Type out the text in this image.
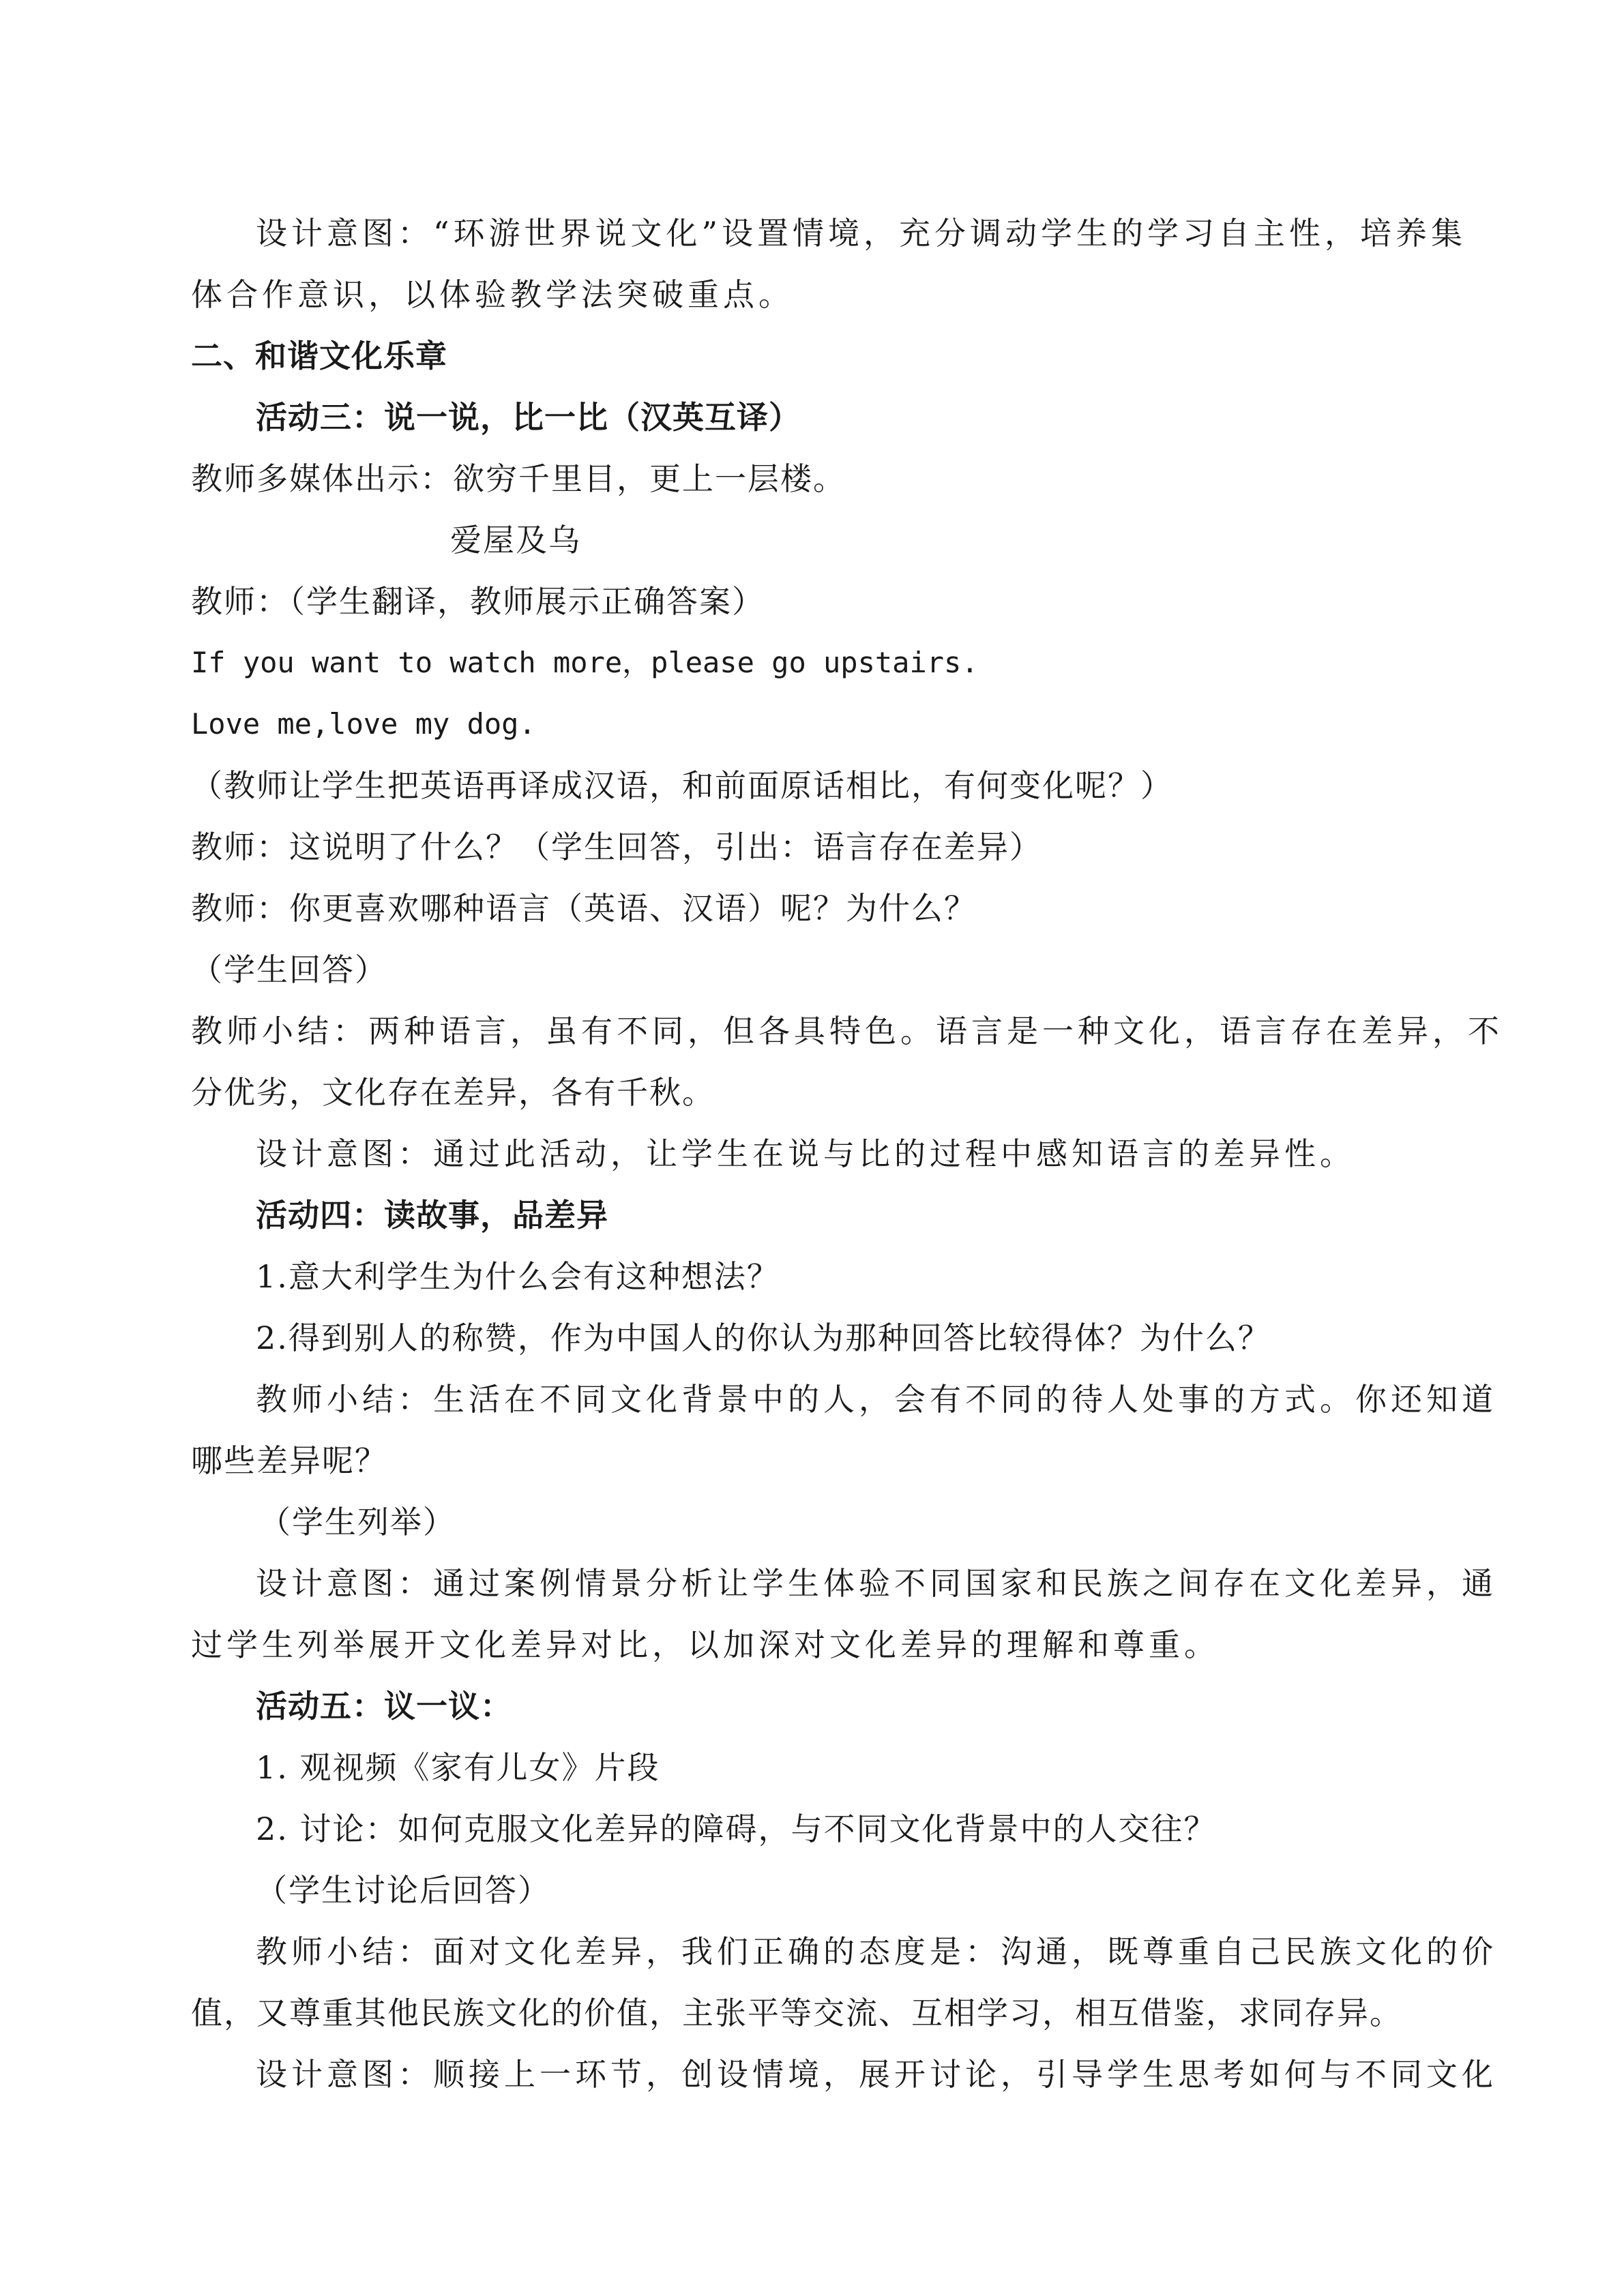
设计意图：“环游世界说文化”设置情境，充分调动学生的学习自主性，培养集
体合作意识，以体验教学法突破重点。
二、和谐文化乐章
活动三：说一说，比一比（汉英互译）
教师多媒体出示：欲穷千里目，更上一层楼。
爱屋及乌
教师：（学生翻译，教师展示正确答案）
If you want to watch more，please go upstairs.
Love me,love my dog.
（教师让学生把英语再译成汉语，和前面原话相比，有何变化呢？）
教师：这说明了什么？（学生回答，引出：语言存在差异）
教师：你更喜欢哪种语言（英语、汉语）呢？为什么？
（学生回答）
教师小结：两种语言，虽有不同，但各具特色。语言是一种文化，语言存在差异，不
分优劣，文化存在差异，各有千秋。
设计意图：通过此活动，让学生在说与比的过程中感知语言的差异性。
活动四：读故事，品差异
1.意大利学生为什么会有这种想法？
2.得到别人的称赞，作为中国人的你认为那种回答比较得体？为什么？
教师小结：生活在不同文化背景中的人，会有不同的待人处事的方式。你还知道
哪些差异呢？
（学生列举）
设计意图：通过案例情景分析让学生体验不同国家和民族之间存在文化差异，通
过学生列举展开文化差异对比，以加深对文化差异的理解和尊重。
活动五：议一议：
1. 观视频《家有儿女》片段
2. 讨论：如何克服文化差异的障碍，与不同文化背景中的人交往？
（学生讨论后回答）
教师小结：面对文化差异，我们正确的态度是：沟通，既尊重自己民族文化的价
值，又尊重其他民族文化的价值，主张平等交流、互相学习，相互借鉴，求同存异。
设计意图：顺接上一环节，创设情境，展开讨论，引导学生思考如何与不同文化
